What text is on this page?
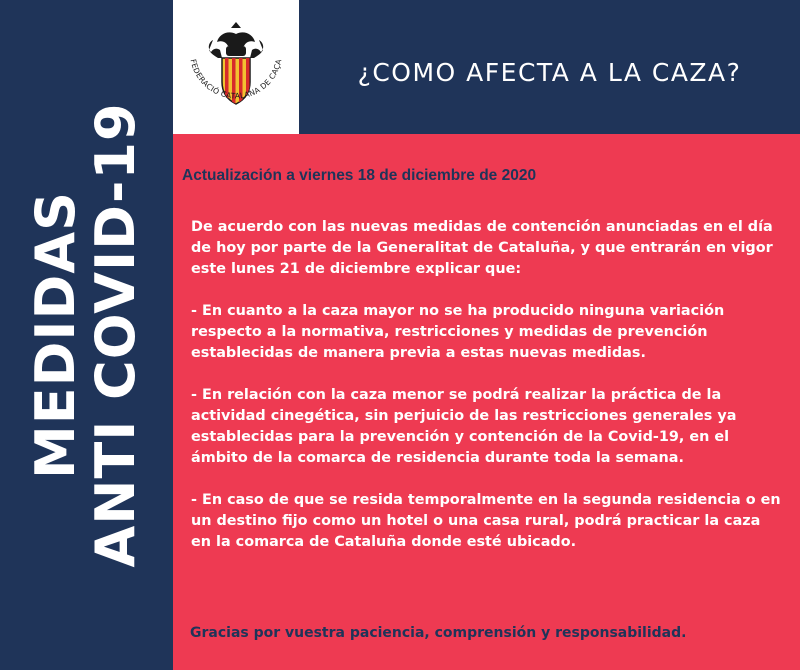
MEDIDAS
ANTI COVID-19
FEDERACIÓ CATALANA DE CAÇA	¿COMO AFECTA A LA CAZA?
Actualización a viernes 18 de diciembre de 2020

De acuerdo con las nuevas medidas de contención anunciadas en el día de hoy por parte de la Generalitat de Cataluña, y que entrarán en vigor este lunes 21 de diciembre explicar que:

- En cuanto a la caza mayor no se ha producido ninguna variación respecto a la normativa, restricciones y medidas de prevención establecidas de manera previa a estas nuevas medidas.

- En relación con la caza menor se podrá realizar la práctica de la actividad cinegética, sin perjuicio de las restricciones generales ya establecidas para la prevención y contención de la Covid-19, en el ámbito de la comarca de residencia durante toda la semana.

- En caso de que se resida temporalmente en la segunda residencia o en un destino fijo como un hotel o una casa rural, podrá practicar la caza en la comarca de Cataluña donde esté ubicado.

Gracias por vuestra paciencia, comprensión y responsabilidad.
